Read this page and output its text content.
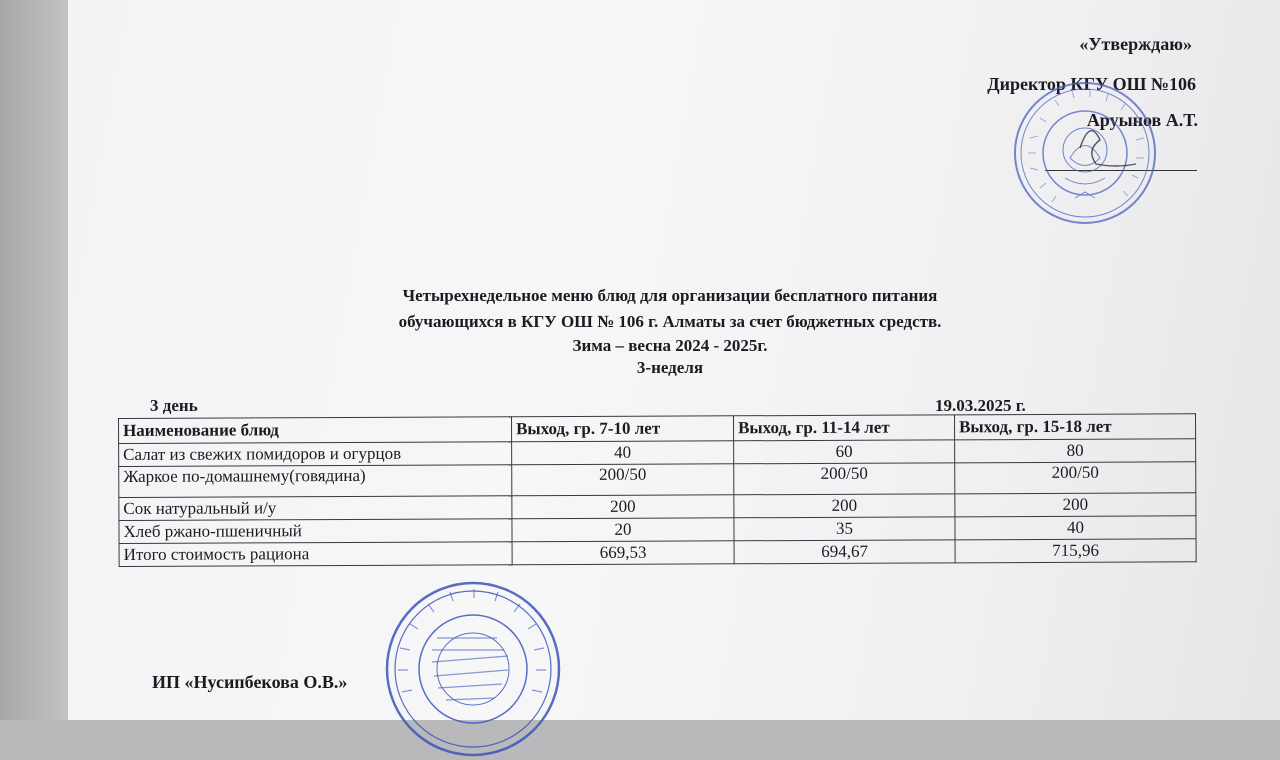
«Утверждаю»
Директор КГУ ОШ №106
Аруынов А.Т.
Четырехнедельное меню блюд для организации бесплатного питания
обучающихся в КГУ ОШ № 106 г. Алматы за счет бюджетных средств.
Зима – весна 2024 - 2025г.
3-неделя
3 день	19.03.2025 г.
Наименование блюд	Выход, гр. 7-10 лет	Выход, гр. 11-14 лет	Выход, гр. 15-18 лет
Салат из свежих помидоров и огурцов	40	60	80
Жаркое по-домашнему(говядина)	200/50	200/50	200/50
Сок натуральный и/у	200	200	200
Хлеб ржано-пшеничный	20	35	40
Итого стоимость рациона	669,53	694,67	715,96
ИП «Нусипбекова О.В.»
